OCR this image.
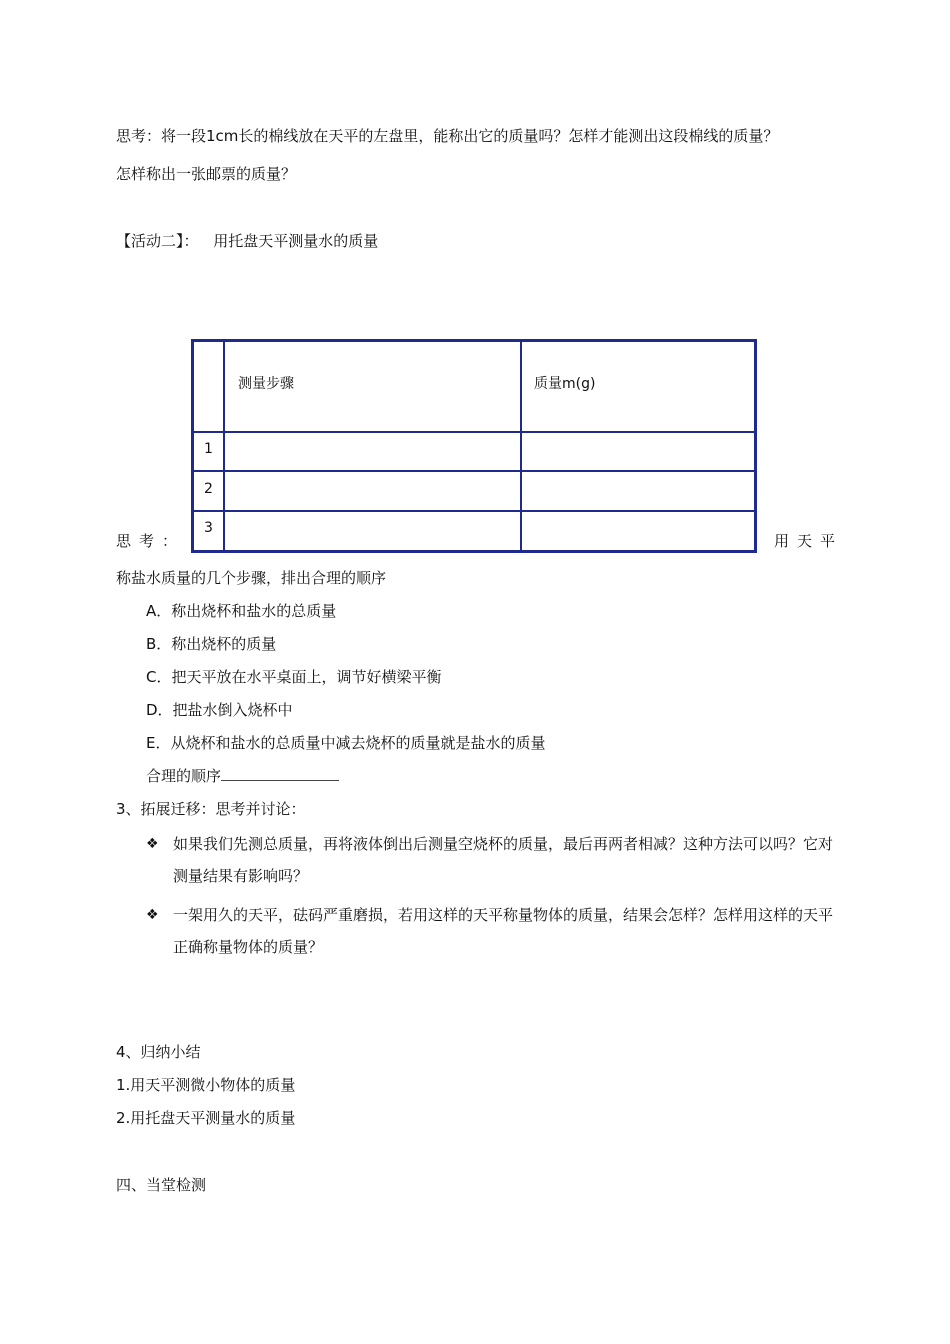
思考：将一段1cm长的棉线放在天平的左盘里，能称出它的质量吗？怎样才能测出这段棉线的质量？
怎样称出一张邮票的质量？
【活动二】： 用托盘天平测量水的质量
测量步骤	质量m(g)
1
2
3
思考：	用天平
称盐水质量的几个步骤，排出合理的顺序
A．称出烧杯和盐水的总质量
B．称出烧杯的质量
C．把天平放在水平桌面上，调节好横梁平衡
D．把盐水倒入烧杯中
E．从烧杯和盐水的总质量中减去烧杯的质量就是盐水的质量
合理的顺序
3、拓展迁移：思考并讨论：
❖ 如果我们先测总质量，再将液体倒出后测量空烧杯的质量，最后再两者相减？这种方法可以吗？它对测量结果有影响吗？
❖ 一架用久的天平，砝码严重磨损，若用这样的天平称量物体的质量，结果会怎样？怎样用这样的天平正确称量物体的质量？
4、归纳小结
1.用天平测微小物体的质量
2.用托盘天平测量水的质量
四、当堂检测
